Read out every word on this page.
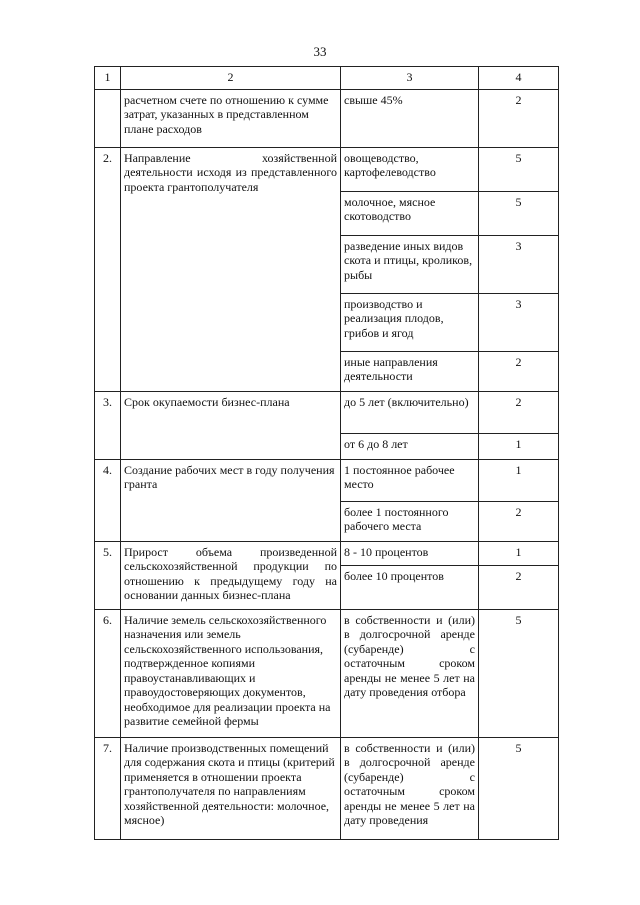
33
1	2	3	4
	расчетном счете по отношению к сумме затрат, указанных в представленном плане расходов	свыше 45%	2
2.	Направление хозяйственной деятельности исходя из представленного проекта грантополучателя	овощеводство, картофелеводство	5
		молочное, мясное скотоводство	5
		разведение иных видов скота и птицы, кроликов, рыбы	3
		производство и реализация плодов, грибов и ягод	3
		иные направления деятельности	2
3.	Срок окупаемости бизнес-плана	до 5 лет (включительно)	2
		от 6 до 8 лет	1
4.	Создание рабочих мест в году получения гранта	1 постоянное рабочее место	1
		более 1 постоянного рабочего места	2
5.	Прирост объема произведенной сельскохозяйственной продукции по отношению к предыдущему году на основании данных бизнес-плана	8 - 10 процентов	1
		более 10 процентов	2
6.	Наличие земель сельскохозяйственного назначения или земель сельскохозяйственного использования, подтвержденное копиями правоустанавливающих и правоудостоверяющих документов, необходимое для реализации проекта на развитие семейной фермы	в собственности и (или) в долгосрочной аренде (субаренде) с остаточным сроком аренды не менее 5 лет на дату проведения отбора	5
7.	Наличие производственных помещений для содержания скота и птицы (критерий применяется в отношении проекта грантополучателя по направлениям хозяйственной деятельности: молочное, мясное)	в собственности и (или) в долгосрочной аренде (субаренде) с остаточным сроком аренды не менее 5 лет на дату проведения	5
